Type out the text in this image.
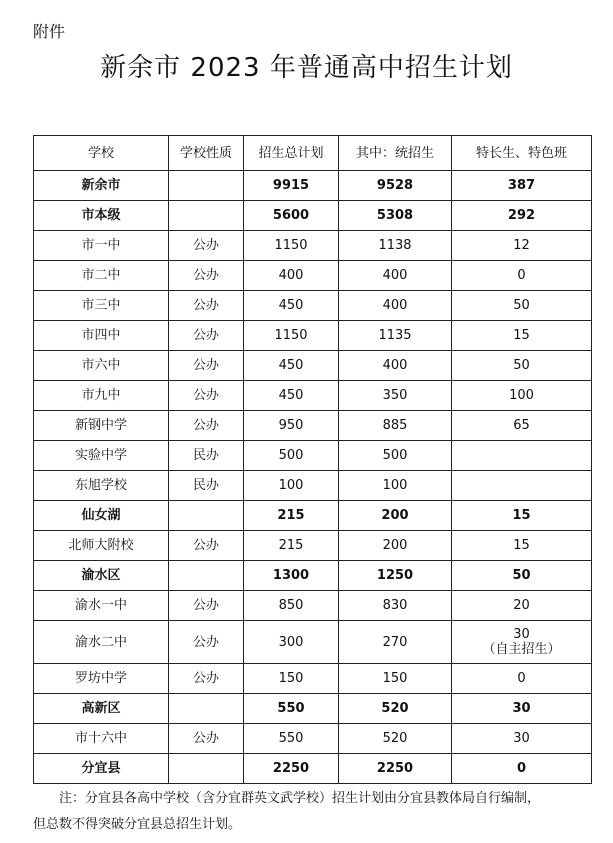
附件
新余市 2023 年普通高中招生计划
学校	学校性质	招生总计划	其中：统招生	特长生、特色班
新余市		9915	9528	387
市本级		5600	5308	292
市一中	公办	1150	1138	12
市二中	公办	400	400	0
市三中	公办	450	400	50
市四中	公办	1150	1135	15
市六中	公办	450	400	50
市九中	公办	450	350	100
新钢中学	公办	950	885	65
实验中学	民办	500	500	
东旭学校	民办	100	100	
仙女湖		215	200	15
北师大附校	公办	215	200	15
渝水区		1300	1250	50
渝水一中	公办	850	830	20
渝水二中	公办	300	270	30
（自主招生）
罗坊中学	公办	150	150	0
高新区		550	520	30
市十六中	公办	550	520	30
分宜县		2250	2250	0
注：分宜县各高中学校（含分宜群英文武学校）招生计划由分宜县教体局自行编制，
但总数不得突破分宜县总招生计划。
